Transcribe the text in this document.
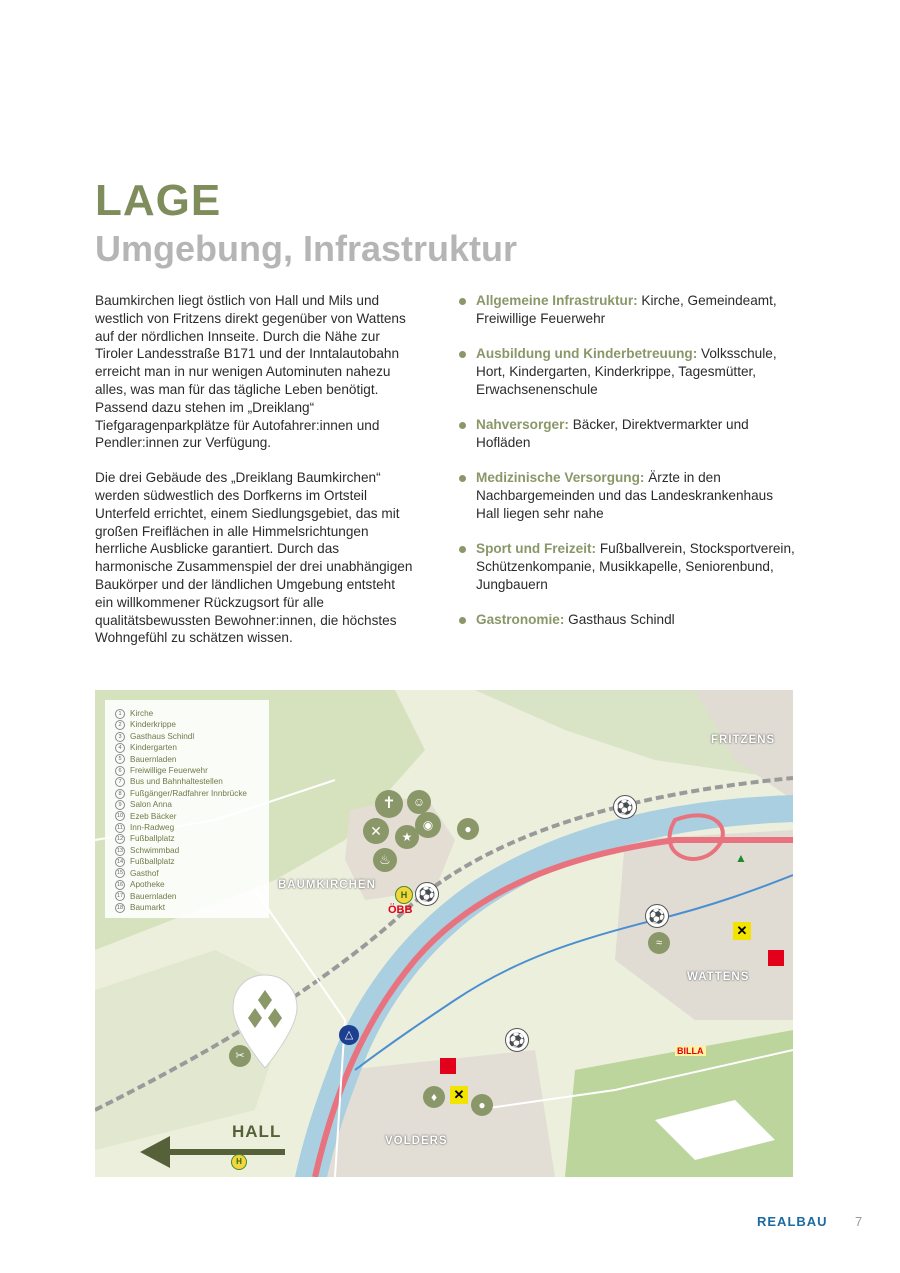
LAGE
Umgebung, Infrastruktur

Baumkirchen liegt östlich von Hall und Mils und westlich von Fritzens direkt gegenüber von Wattens auf der nördlichen Innseite. Durch die Nähe zur Tiroler Landesstraße B171 und der Inntalautobahn erreicht man in nur wenigen Autominuten nahezu alles, was man für das tägliche Leben benötigt. Passend dazu stehen im „Dreiklang“ Tiefgaragenparkplätze für Autofahrer:innen und Pendler:innen zur Verfügung.

Die drei Gebäude des „Dreiklang Baumkirchen“ werden südwestlich des Dorfkerns im Ortsteil Unterfeld errichtet, einem Siedlungsgebiet, das mit großen Freiflächen in alle Himmelsrichtungen herrliche Ausblicke garantiert. Durch das harmonische Zusammenspiel der drei unabhängigen Baukörper und der ländlichen Umgebung entsteht ein willkommener Rückzugsort für alle qualitätsbewussten Bewohner:innen, die höchstes Wohngefühl zu schätzen wissen.

Allgemeine Infrastruktur: Kirche, Gemeindeamt, Freiwillige Feuerwehr
Ausbildung und Kinderbetreuung: Volksschule, Hort, Kindergarten, Kinderkrippe, Tagesmütter, Erwachsenenschule
Nahversorger: Bäcker, Direktvermarkter und Hofläden
Medizinische Versorgung: Ärzte in den Nachbargemeinden und das Landeskrankenhaus Hall liegen sehr nahe
Sport und Freizeit: Fußballverein, Stocksportverein, Schützenkompanie, Musikkapelle, Seniorenbund, Jungbauern
Gastronomie: Gasthaus Schindl
1	Kirche
2	Kinderkrippe
3	Gasthaus Schindl
4	Kindergarten
5	Bauernladen
6	Freiwillige Feuerwehr
7	Bus und Bahnhaltestellen
8	Fußgänger/Radfahrer Innbrücke
9	Salon Anna
10 Ezeb Bäcker
11 Inn-Radweg
12 Fußballplatz
13 Schwimmbad
14 Fußballplatz
15 Gasthof
16 Apotheke
17 Bauernladen
18 Baumarkt
✝	☺
✕	★
◉
♨
●
⚽
⚽
⚽
⚽
≈
H
H
ÖBB
BILLA
✕
✕
▲
△
●
✂
♦
FRITZENS
BAUMKIRCHEN
WATTENS
VOLDERS
HALL
REALBAU 7
